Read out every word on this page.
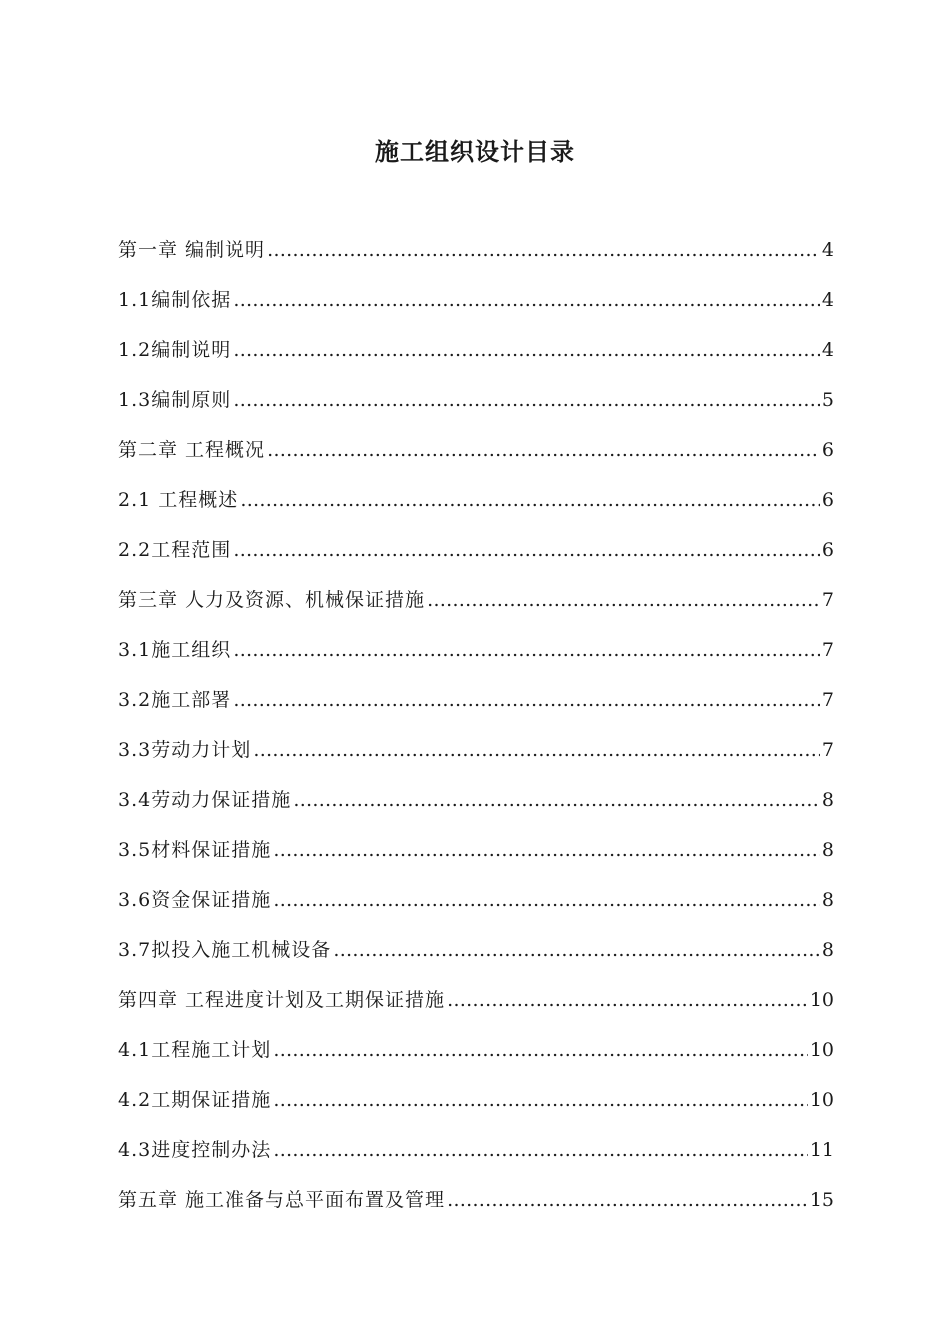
施工组织设计目录
第一章 编制说明 …………………………………………………………………………………………………………………………………………………………………………	4
1.1编制依据 …………………………………………………………………………………………………………………………………………………………………………	4
1.2编制说明 …………………………………………………………………………………………………………………………………………………………………………	4
1.3编制原则 …………………………………………………………………………………………………………………………………………………………………………	5
第二章 工程概况 …………………………………………………………………………………………………………………………………………………………………………	6
2.1 工程概述 …………………………………………………………………………………………………………………………………………………………………………	6
2.2工程范围 …………………………………………………………………………………………………………………………………………………………………………	6
第三章 人力及资源、机械保证措施 …………………………………………………………………………………………………………………………………………………………………………	7
3.1施工组织 …………………………………………………………………………………………………………………………………………………………………………	7
3.2施工部署 …………………………………………………………………………………………………………………………………………………………………………	7
3.3劳动力计划 …………………………………………………………………………………………………………………………………………………………………………	7
3.4劳动力保证措施 …………………………………………………………………………………………………………………………………………………………………………	8
3.5材料保证措施 …………………………………………………………………………………………………………………………………………………………………………	8
3.6资金保证措施 …………………………………………………………………………………………………………………………………………………………………………	8
3.7拟投入施工机械设备 …………………………………………………………………………………………………………………………………………………………………………	8
第四章 工程进度计划及工期保证措施 …………………………………………………………………………………………………………………………………………………………………………	10
4.1工程施工计划 …………………………………………………………………………………………………………………………………………………………………………	10
4.2工期保证措施 …………………………………………………………………………………………………………………………………………………………………………	10
4.3进度控制办法 …………………………………………………………………………………………………………………………………………………………………………	11
第五章 施工准备与总平面布置及管理 …………………………………………………………………………………………………………………………………………………………………………	15
